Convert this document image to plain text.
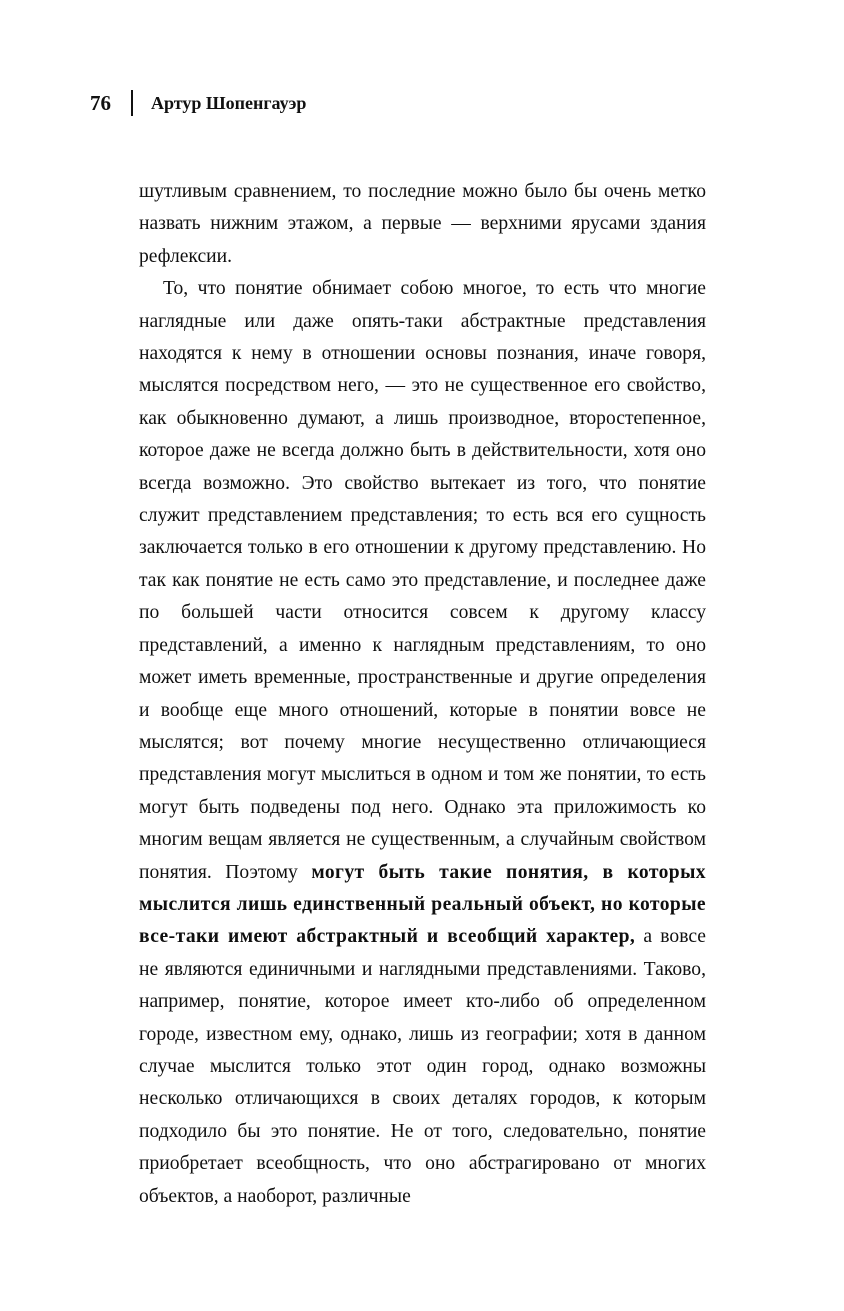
76 Артур Шопенгауэр

шутливым сравнением, то последние можно было бы очень метко назвать нижним этажом, а первые — верхними ярусами здания рефлексии.

То, что понятие обнимает собою многое, то есть что многие наглядные или даже опять-таки абстрактные представления находятся к нему в отношении основы познания, иначе говоря, мыслятся посредством него, — это не существенное его свойство, как обыкновенно думают, а лишь производное, второстепенное, которое даже не всегда должно быть в действительности, хотя оно всегда возможно. Это свойство вытекает из того, что понятие служит представлением представления; то есть вся его сущность заключается только в его отношении к другому представлению. Но так как понятие не есть само это представление, и последнее даже по большей части относится совсем к другому классу представлений, а именно к наглядным представлениям, то оно может иметь временные, пространственные и другие определения и вообще еще много отношений, которые в понятии вовсе не мыслятся; вот почему многие несущественно отличающиеся представления могут мыслиться в одном и том же понятии, то есть могут быть подведены под него. Однако эта приложимость ко многим вещам является не существенным, а случайным свойством понятия. Поэтому могут быть такие понятия, в которых мыслится лишь единственный реальный объект, но которые все-таки имеют абстрактный и всеобщий характер, а вовсе не являются единичными и наглядными представлениями. Таково, например, понятие, которое имеет кто-либо об определенном городе, известном ему, однако, лишь из географии; хотя в данном случае мыслится только этот один город, однако возможны несколько отличающихся в своих деталях городов, к которым подходило бы это понятие. Не от того, следовательно, понятие приобретает всеобщность, что оно абстрагировано от многих объектов, а наоборот, различные
